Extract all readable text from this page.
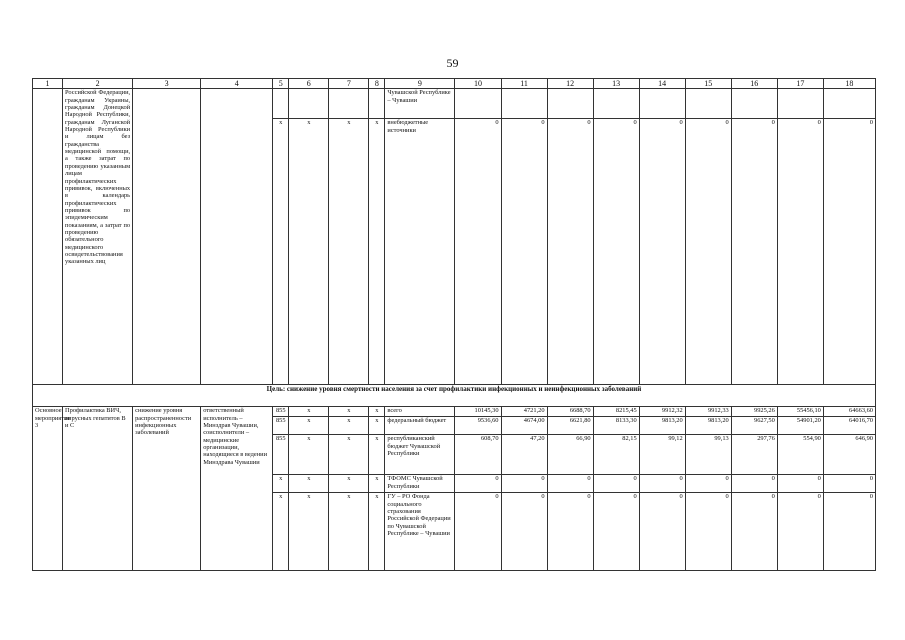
59
1	2	3	4	5	6	7	8	9	10	11	12	13	14	15	16	17	18
	Российской Федерации, гражданам Украины, гражданам Донецкой Народной Республики, гражданам Луганской Народной Республики и лицам без гражданства медицинской помощи, а также затрат по проведению указанным лицам профилактических прививок, включенных в календарь профилактических прививок по эпидемическим показаниям, а затрат по проведению обязательного медицинского освидетельствования указанных лиц							Чувашской Республике – Чувашии									
				x	x	x	x	внебюджетные источники	0	0	0	0	0	0	0	0	0
Цель: снижение уровня смертности населения за счет профилактики инфекционных и неинфекционных заболеваний																	
Основное мероприятие 3	Профилактика ВИЧ, вирусных гепатитов В и С	снижение уровня распространенности инфекционных заболеваний	ответственный исполнитель – Минздрав Чувашии, соисполнители – медицинские организации, находящиеся в ведении Минздрава Чувашии	855	x	x	x	всего	10145,30	4721,20	6688,70	8215,45	9912,32	9912,33	9925,26	55456,10	64663,60
				855	x	x	x	федеральный бюджет	9536,60	4674,00	6621,80	8133,30	9813,20	9813,20	9627,50	54901,20	64016,70
				855	x	x	x	республиканский бюджет Чувашской Республики	608,70	47,20	66,90	82,15	99,12	99,13	297,76	554,90	646,90
				x	x	x	x	ТФОМС Чувашской Республики	0	0	0	0	0	0	0	0	0
				x	x	x	x	ГУ – РО Фонда социального страхования Российской Федерации по Чувашской Республике – Чувашии	0	0	0	0	0	0	0	0	0
